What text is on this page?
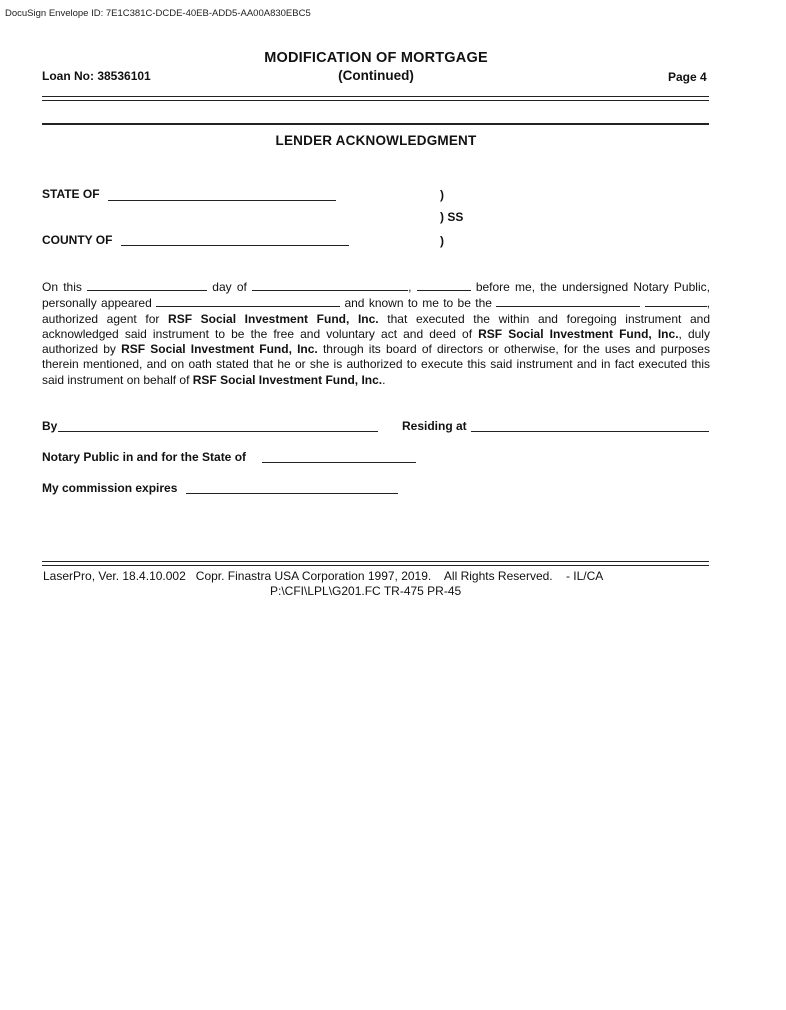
DocuSign Envelope ID: 7E1C381C-DCDE-40EB-ADD5-AA00A830EBC5
MODIFICATION OF MORTGAGE
(Continued)
Loan No: 38536101	Page 4
LENDER ACKNOWLEDGMENT
STATE OF	)
) SS
COUNTY OF	)
On this	day of	,	before me, the undersigned Notary Public, personally appeared	and known to me to be the	, authorized agent for RSF Social Investment Fund, Inc. that executed the within and foregoing instrument and acknowledged said instrument to be the free and voluntary act and deed of RSF Social Investment Fund, Inc., duly authorized by RSF Social Investment Fund, Inc. through its board of directors or otherwise, for the uses and purposes therein mentioned, and on oath stated that he or she is authorized to execute this said instrument and in fact executed this said instrument on behalf of RSF Social Investment Fund, Inc..
By	Residing at
Notary Public in and for the State of
My commission expires
LaserPro, Ver. 18.4.10.002   Copr. Finastra USA Corporation 1997, 2019.    All Rights Reserved.    - IL/CA
P:\CFI\LPL\G201.FC TR-475 PR-45
